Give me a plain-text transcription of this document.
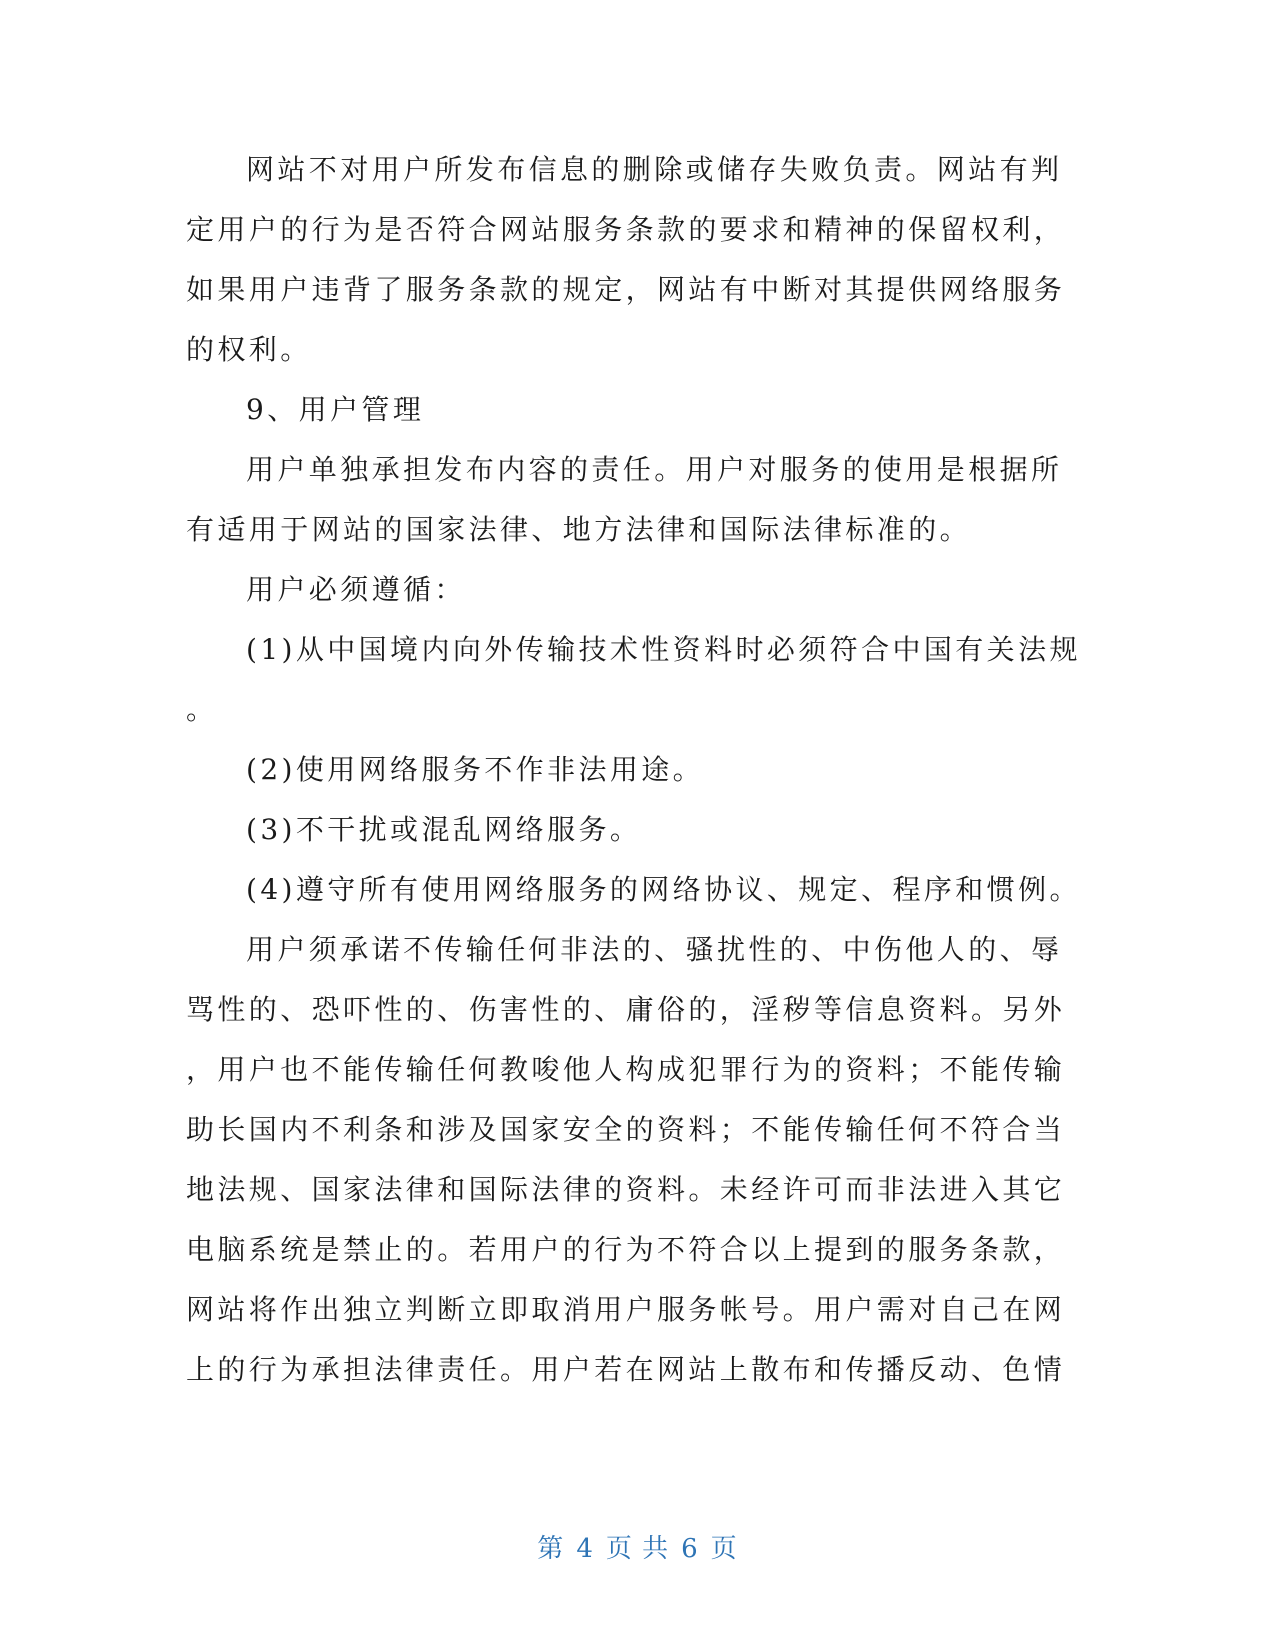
网站不对用户所发布信息的删除或储存失败负责。网站有判
定用户的行为是否符合网站服务条款的要求和精神的保留权利，
如果用户违背了服务条款的规定，网站有中断对其提供网络服务
的权利。
9、用户管理
用户单独承担发布内容的责任。用户对服务的使用是根据所
有适用于网站的国家法律、地方法律和国际法律标准的。
用户必须遵循：
(1)从中国境内向外传输技术性资料时必须符合中国有关法规
。
(2)使用网络服务不作非法用途。
(3)不干扰或混乱网络服务。
(4)遵守所有使用网络服务的网络协议、规定、程序和惯例。
用户须承诺不传输任何非法的、骚扰性的、中伤他人的、辱
骂性的、恐吓性的、伤害性的、庸俗的，淫秽等信息资料。另外
，用户也不能传输任何教唆他人构成犯罪行为的资料；不能传输
助长国内不利条和涉及国家安全的资料；不能传输任何不符合当
地法规、国家法律和国际法律的资料。未经许可而非法进入其它
电脑系统是禁止的。若用户的行为不符合以上提到的服务条款，
网站将作出独立判断立即取消用户服务帐号。用户需对自己在网
上的行为承担法律责任。用户若在网站上散布和传播反动、色情
第 4 页 共 6 页
